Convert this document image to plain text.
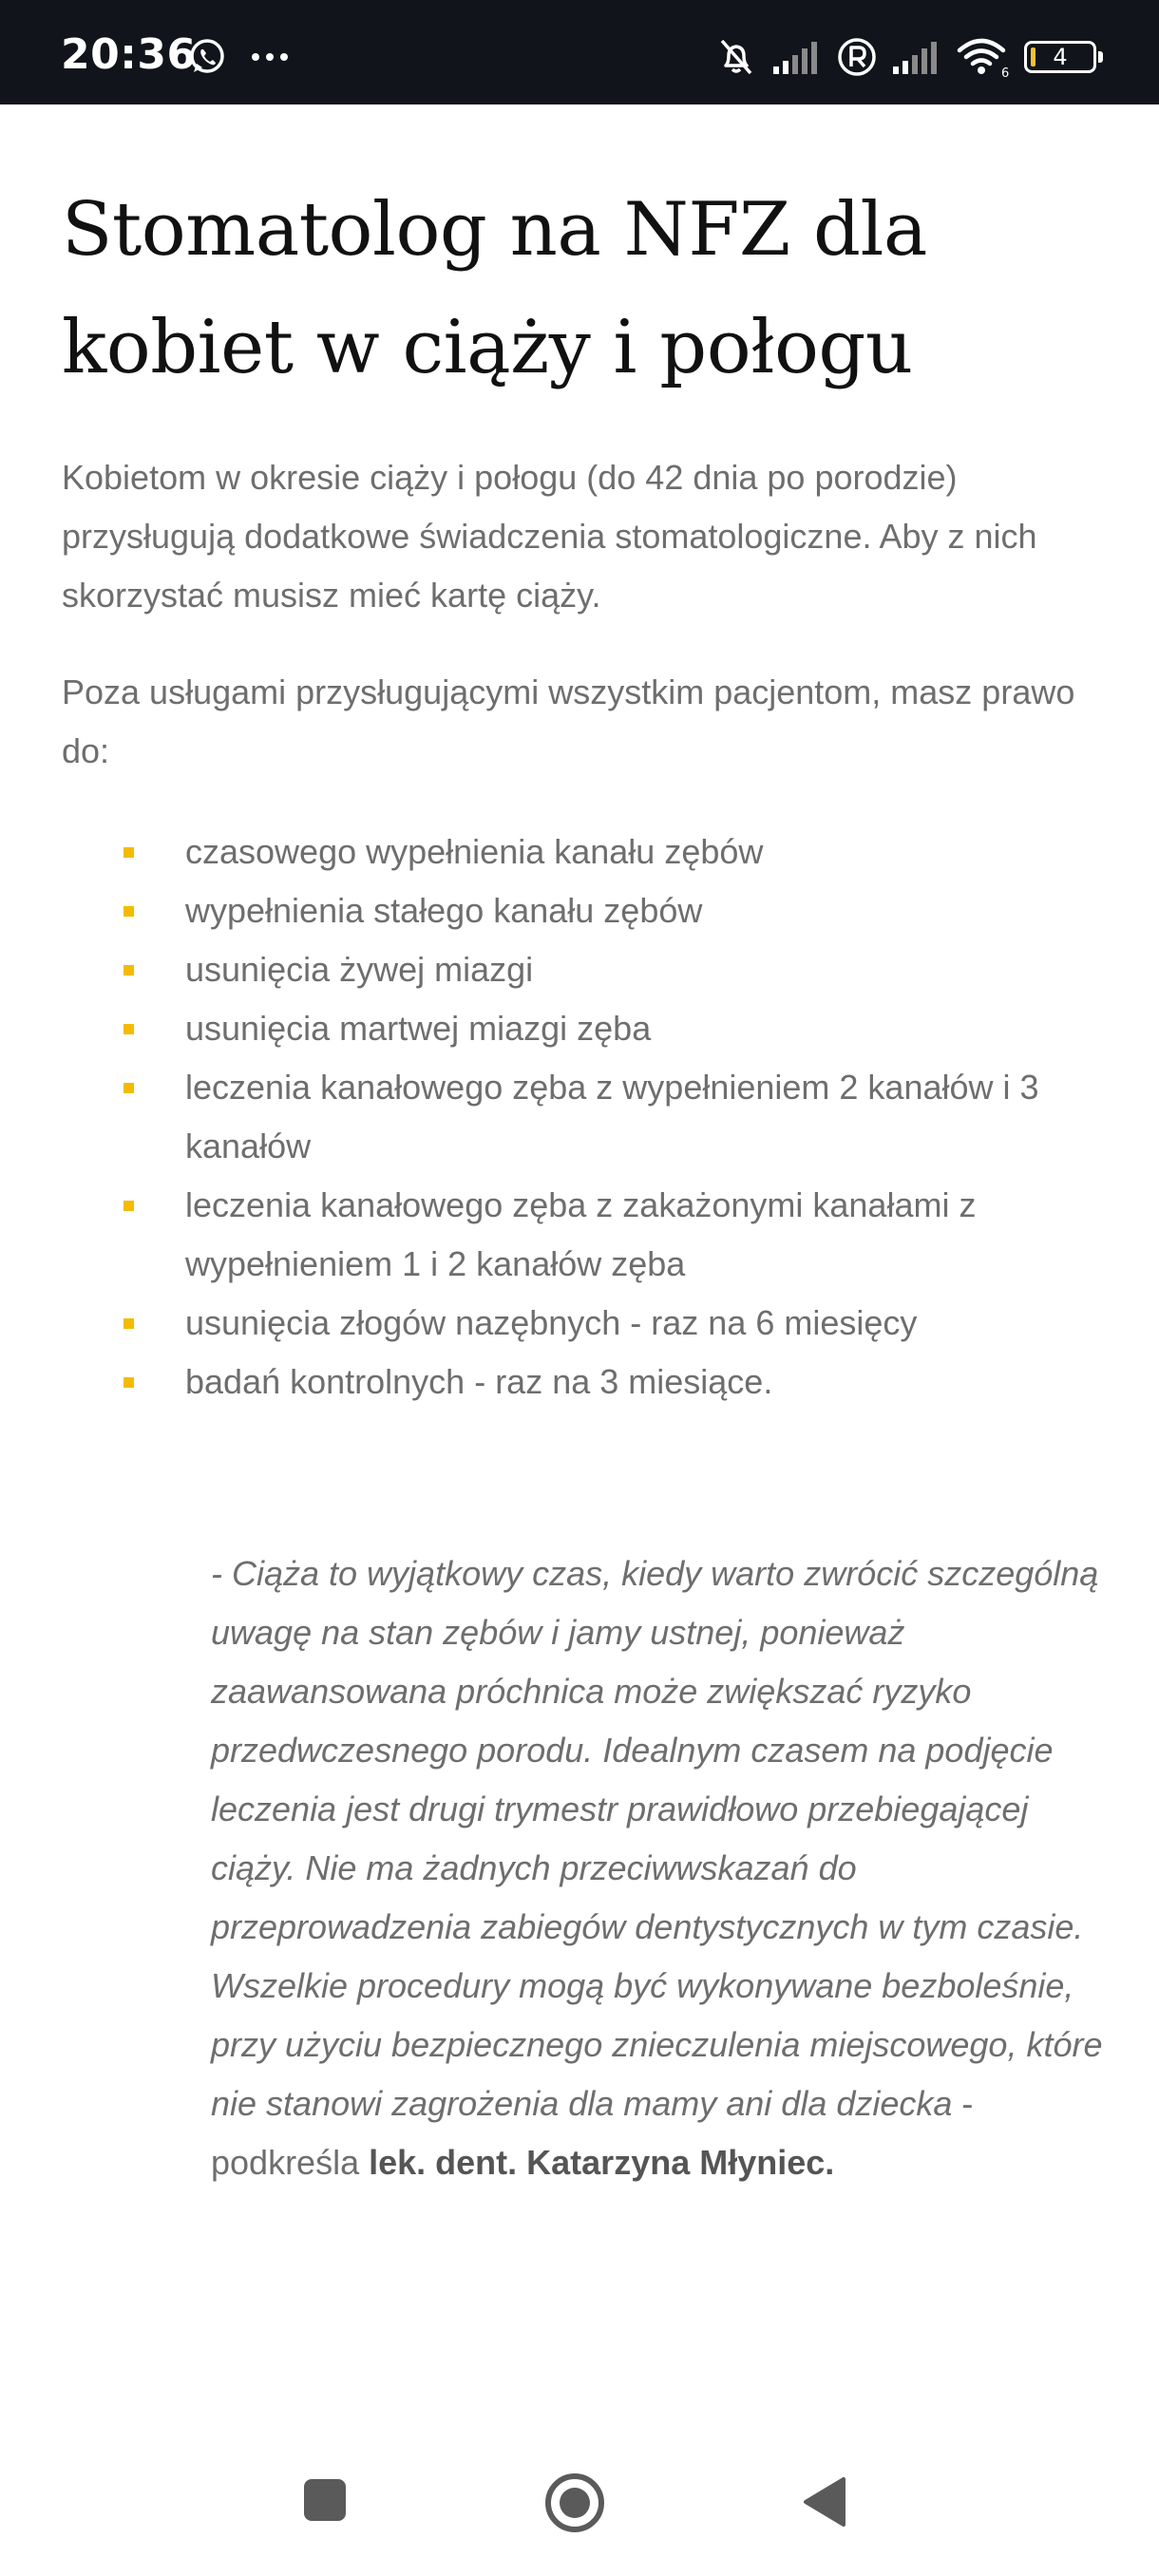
20:36	6
4
Stomatolog na NFZ dla kobiet w ciąży i połogu

Kobietom w okresie ciąży i połogu (do 42 dnia po porodzie) przysługują dodatkowe świadczenia stomatologiczne. Aby z nich skorzystać musisz mieć kartę ciąży.

Poza usługami przysługującymi wszystkim pacjentom, masz prawo do:

czasowego wypełnienia kanału zębów
wypełnienia stałego kanału zębów
usunięcia żywej miazgi
usunięcia martwej miazgi zęba
leczenia kanałowego zęba z wypełnieniem 2 kanałów i 3 kanałów
leczenia kanałowego zęba z zakażonymi kanałami z wypełnieniem 1 i 2 kanałów zęba
usunięcia złogów nazębnych - raz na 6 miesięcy
badań kontrolnych - raz na 3 miesiące.
- Ciąża to wyjątkowy czas, kiedy warto zwrócić szczególną uwagę na stan zębów i jamy ustnej, ponieważ zaawansowana próchnica może zwiększać ryzyko przedwczesnego porodu. Idealnym czasem na podjęcie leczenia jest drugi trymestr prawidłowo przebiegającej ciąży. Nie ma żadnych przeciwwskazań do przeprowadzenia zabiegów dentystycznych w tym czasie. Wszelkie procedury mogą być wykonywane bezboleśnie, przy użyciu bezpiecznego znieczulenia miejscowego, które nie stanowi zagrożenia dla mamy ani dla dziecka - podkreśla lek. dent. Katarzyna Młyniec.
